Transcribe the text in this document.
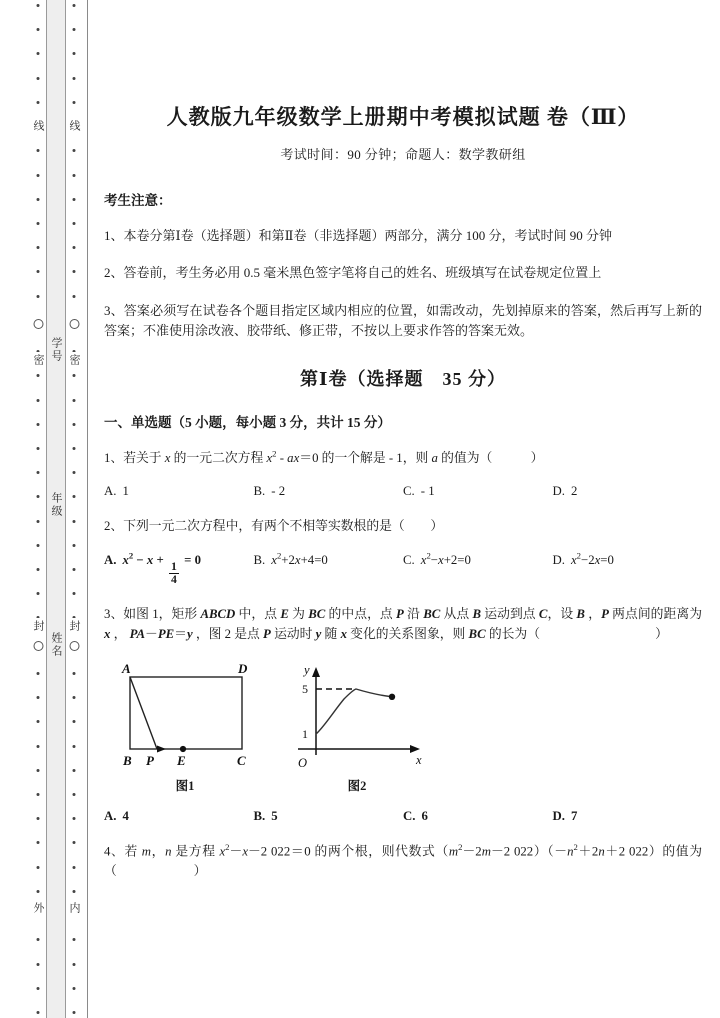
学号
年级
姓名
线
密
封
外
线
密
封
内
人教版九年级数学上册期中考模拟试题 卷（Ⅲ）
考试时间：90 分钟；命题人：数学教研组
考生注意：
1、本卷分第Ⅰ卷（选择题）和第Ⅱ卷（非选择题）两部分，满分 100 分，考试时间 90 分钟
2、答卷前，考生务必用 0.5 毫米黑色签字笔将自己的姓名、班级填写在试卷规定位置上
3、答案必须写在试卷各个题目指定区域内相应的位置，如需改动，先划掉原来的答案，然后再写上新的答案；不准使用涂改液、胶带纸、修正带，不按以上要求作答的答案无效。
第Ⅰ卷（选择题　35 分）
一、单选题（5 小题，每小题 3 分，共计 15 分）
1、若关于 x 的一元二次方程 $x^2 - ax=0$ 的一个解是 - 1，则 a 的值为（　　　）
A. 1	B. - 2	C. - 1	D. 2
2、下列一元二次方程中，有两个不相等实数根的是（　　）
A. $x^2 - x$ +
$\frac{1}{4}$
= 0	B. $x^2+2x+4=0$	C. $x^2-x+2=0$	D. $x^2-2x=0$
3、如图 1，矩形 ABCD 中，点 E 为 BC 的中点，点 P 沿 BC 从点 B 运动到点 C，设 B ，P 两点间的距离为 x ， PA－PE＝y ，图 2 是点 P 运动时 y 随 x 变化的关系图象，则 BC 的长为（　　　　　　　　　）
A	D
B P E	C
图1
5
1
O
y
x
图2
A. 4	B. 5	C. 6	D. 7
4、若 m，n 是方程 $x^2-x-2$ 022＝0 的两个根，则代数式（$m^2-2m-2$ $022)(-n^2+2n+2$ 022）的值为（　　　　　　）
